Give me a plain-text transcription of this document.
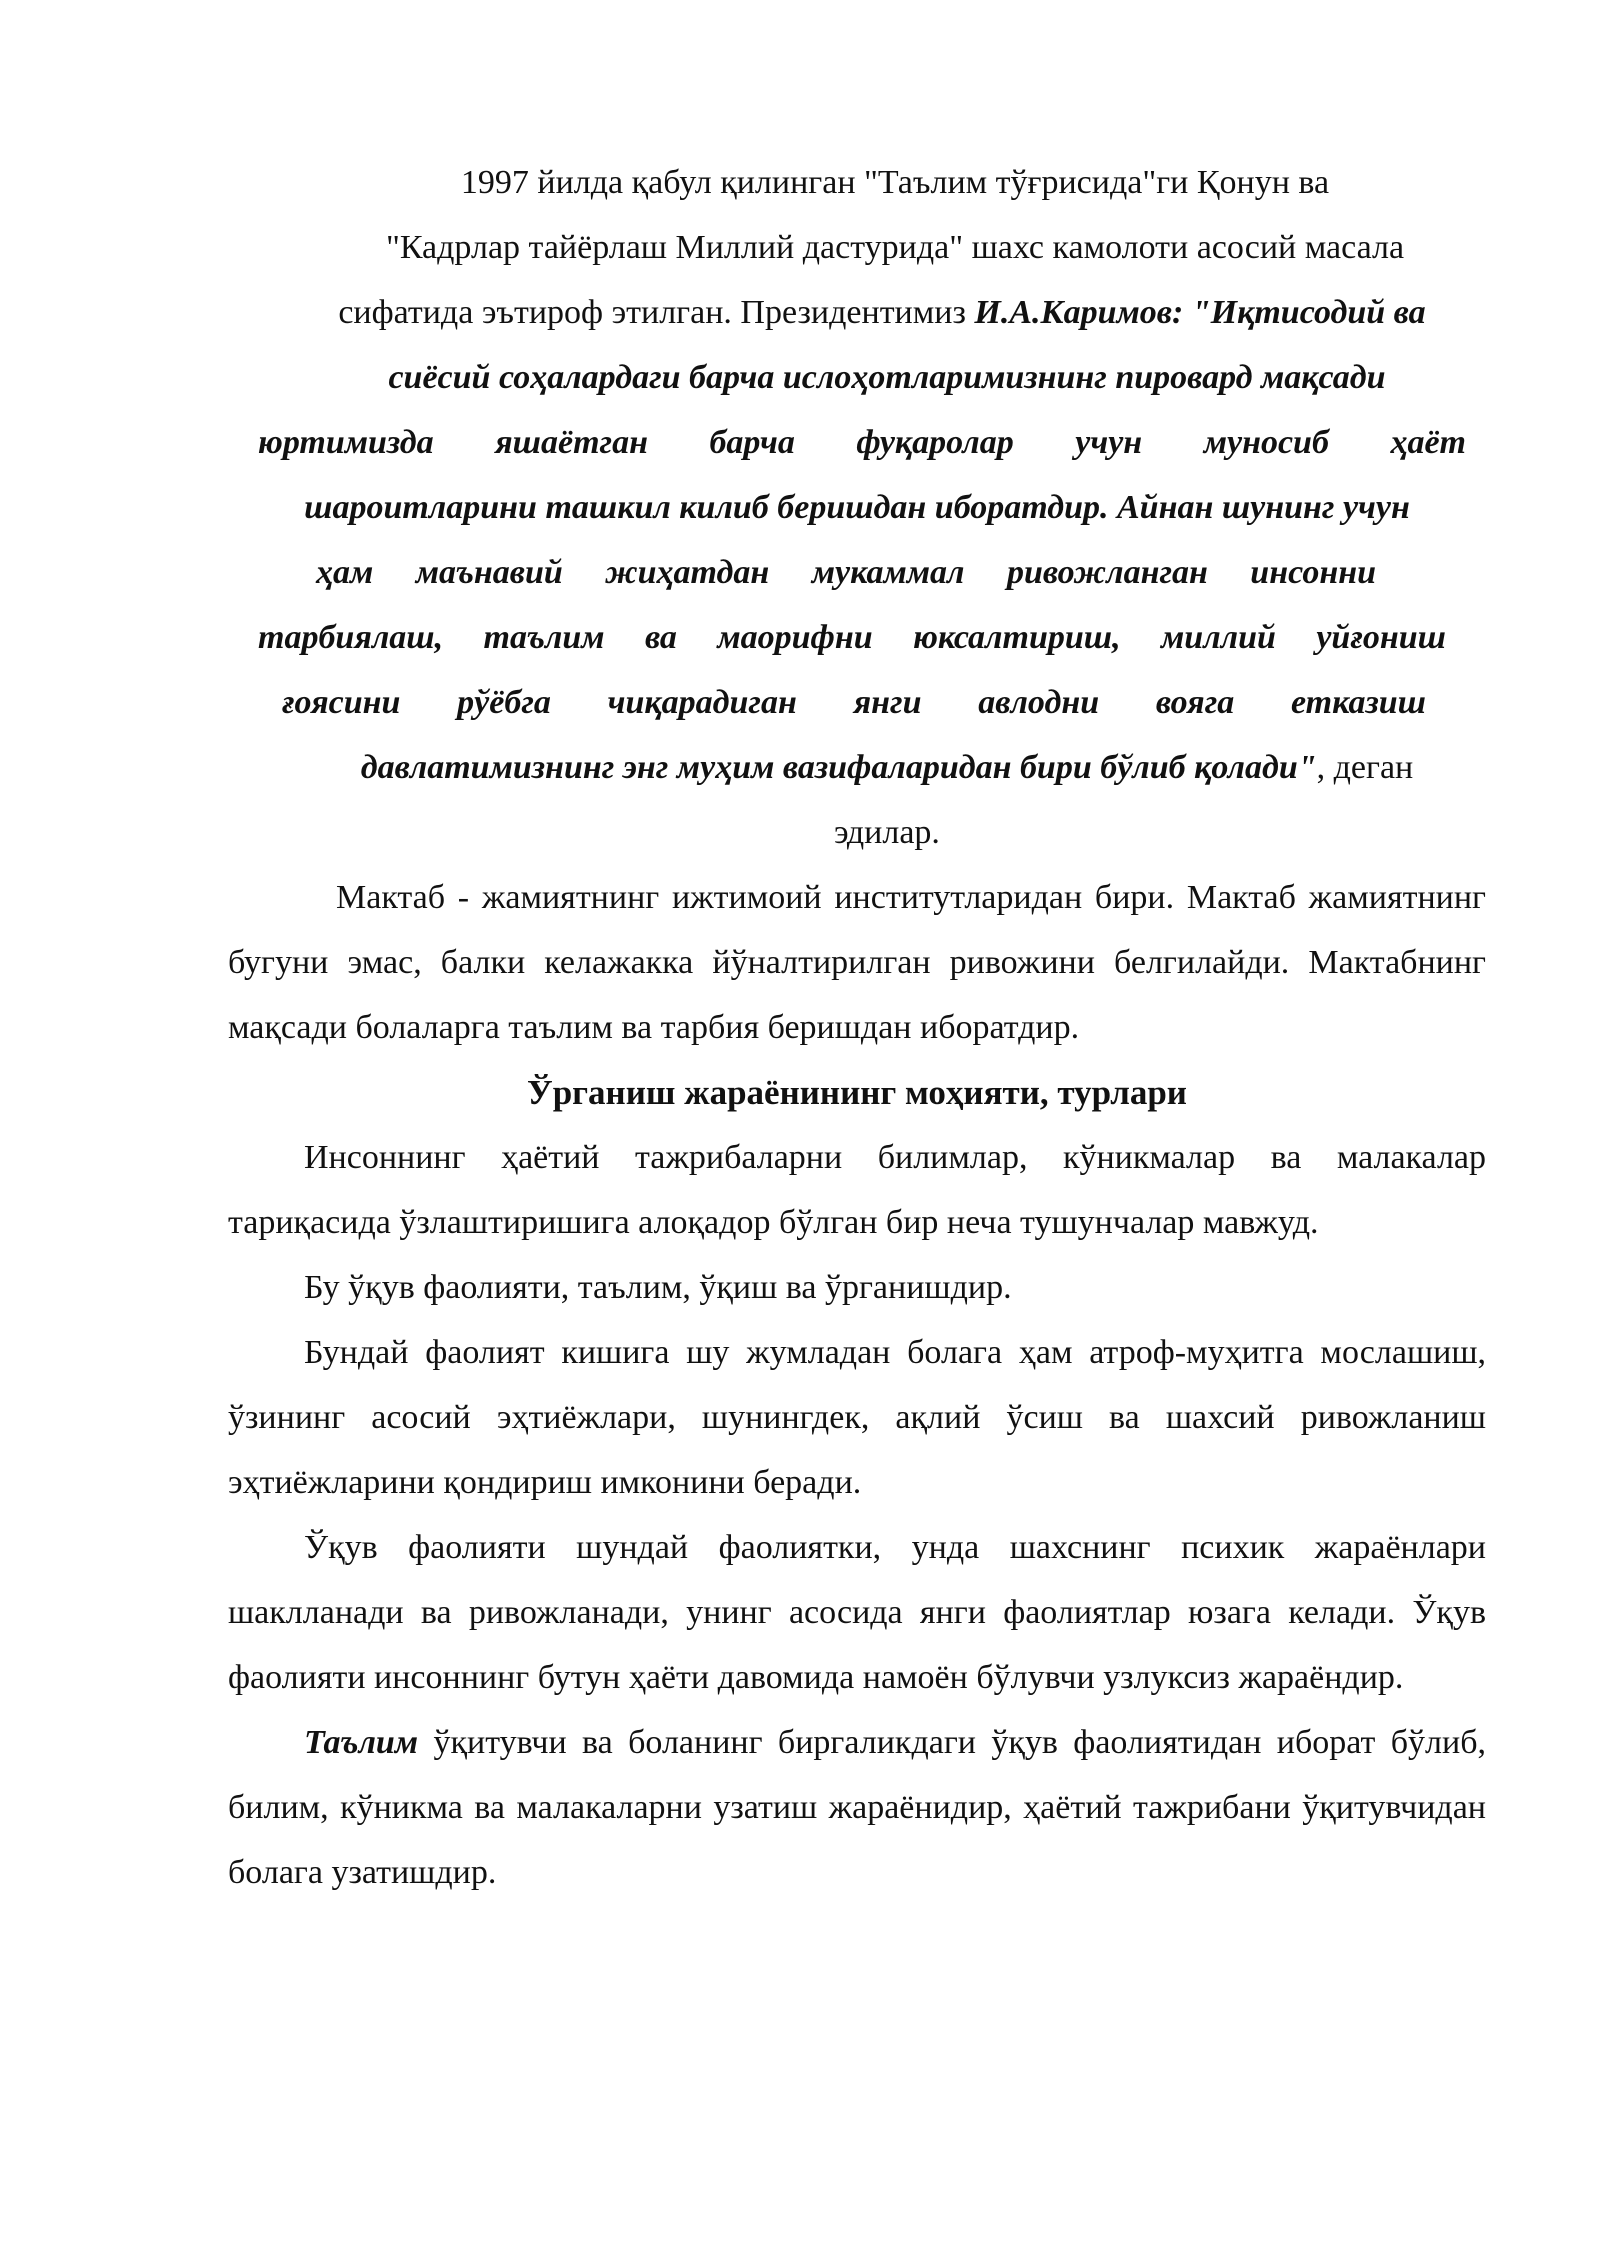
1997 йилда қабул қилинган "Таълим тўғрисида"ги Қонун ва

"Кадрлар тайёрлаш Миллий дастурида" шахс камолоти асосий масала

сифатида эътироф этилган. Президентимиз И.А.Каримов: "Иқтисодий ва

сиёсий соҳалардаги барча ислоҳотларимизнинг пировард мақсади

юртимизда яшаётган барча фуқаролар учун муносиб ҳаёт

шароитларини ташкил килиб беришдан иборатдир. Айнан шунинг учун

ҳам маънавий жиҳатдан мукаммал ривожланган инсонни

тарбиялаш, таълим ва маорифни юксалтириш, миллий уйғониш

ғоясини рўёбга чиқарадиган янги авлодни вояга етказиш

давлатимизнинг энг муҳим вазифаларидан бири бўлиб қолади", деган

эдилар.

Мактаб - жамиятнинг ижтимоий институтларидан бири. Мактаб жамиятнинг бугуни эмас, балки келажакка йўналтирилган ривожини белгилайди. Мактабнинг мақсади болаларга таълим ва тарбия беришдан иборатдир.

Ўрганиш жараёнининг моҳияти, турлари

Инсоннинг ҳаётий тажрибаларни билимлар, кўникмалар ва малакалар тариқасида ўзлаштиришига алоқадор бўлган бир неча тушунчалар мавжуд.

Бу ўқув фаолияти, таълим, ўқиш ва ўрганишдир.

Бундай фаолият кишига шу жумладан болага ҳам атроф-муҳитга мослашиш, ўзининг асосий эҳтиёжлари, шунингдек, ақлий ўсиш ва шахсий ривожланиш эҳтиёжларини қондириш имконини беради.

Ўқув фаолияти шундай фаолиятки, унда шахснинг психик жараёнлари шаклланади ва ривожланади, унинг асосида янги фаолиятлар юзага келади. Ўқув фаолияти инсоннинг бутун ҳаёти давомида намоён бўлувчи узлуксиз жараёндир.

Таълим ўқитувчи ва боланинг биргаликдаги ўқув фаолиятидан иборат бўлиб, билим, кўникма ва малакаларни узатиш жараёнидир, ҳаётий тажрибани ўқитувчидан болага узатишдир.
